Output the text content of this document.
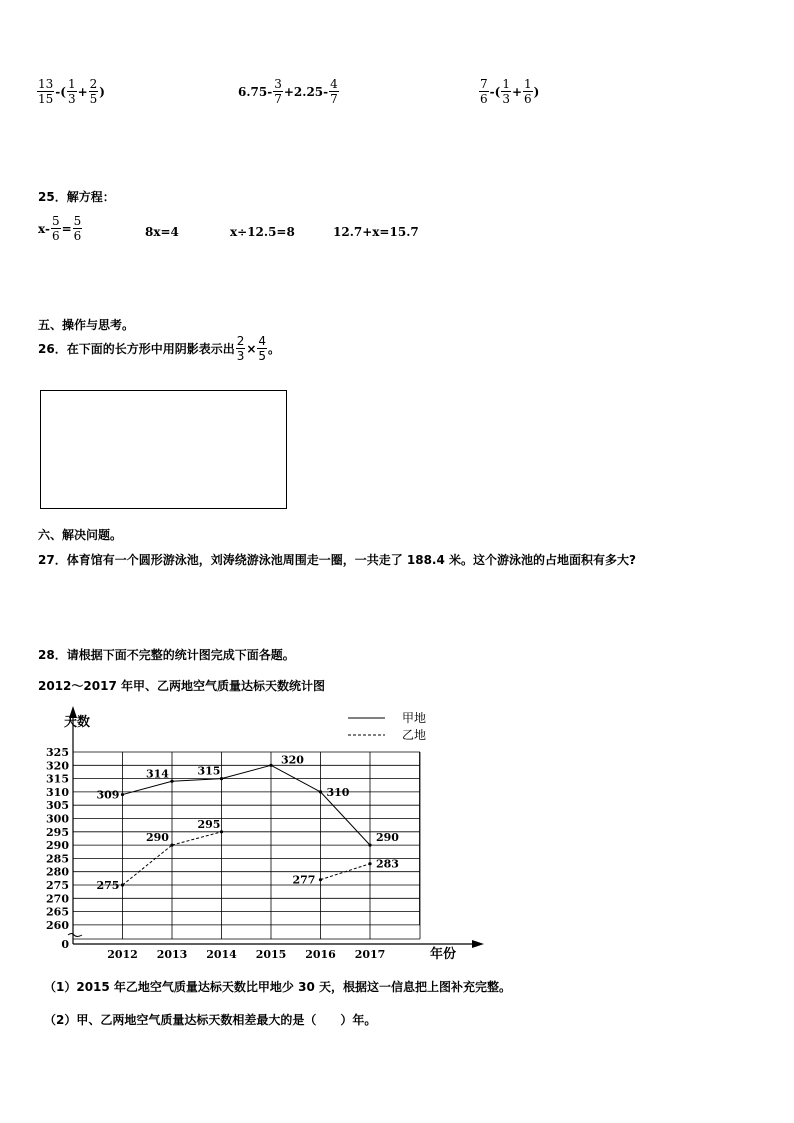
$\frac{13}{15}$ -( $\frac{1}{3} + \frac{2}{5}$ )	$6.75- \frac{3}{7} +2.25- \frac{4}{7}$	$\frac{7}{6}$ -( $\frac{1}{3} + \frac{1}{6}$ )
25．解方程：
$x- \frac{5}{6} = \frac{5}{6}$	8x=4	x÷12.5=8	12.7+x=15.7
五、操作与思考。
26．在下面的长方形中用阴影表示出 $\frac{2}{3} \times \frac{4}{5}$ 。
六、解决问题。
27．体育馆有一个圆形游泳池，刘涛绕游泳池周围走一圈，一共走了 188.4 米。这个游泳池的占地面积有多大?
28．请根据下面不完整的统计图完成下面各题。
2012～2017 年甲、乙两地空气质量达标天数统计图
0
260
265
270
275
280
285
290
295
300
305
310
315
320
325
2012 2013 2014 2015 2016 2017
天数
年份
309
314	315
320
310
290
275
290
295
277
283
甲地
乙地
（1）2015 年乙地空气质量达标天数比甲地少 30 天，根据这一信息把上图补充完整。
（2）甲、乙两地空气质量达标天数相差最大的是（　　）年。
